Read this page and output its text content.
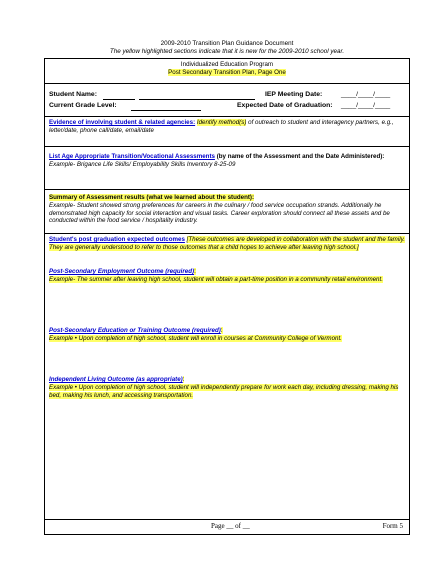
2009-2010 Transition Plan Guidance Document
The yellow highlighted sections indicate that it is new for the 2009-2010 school year.
Individualized Education Program
Post Secondary Transition Plan, Page One
Student Name:	IEP Meeting Date:	____/____/____
Current Grade Level:	Expected Date of Graduation: ____/____/____
Evidence of involving student & related agencies: Identify method(s) of outreach to student and interagency partners, e.g., letter/date, phone call/date, email/date
List Age Appropriate Transition/Vocational Assessments (by name of the Assessment and the Date Administered):
Example- Brigance Life Skills/ Employability Skills Inventory 8-25-09
Summary of Assessment results (what we learned about the student):
Example- Student showed strong preferences for careers in the culinary / food service occupation strands. Additionally he demonstrated high capacity for social interaction and visual tasks. Career exploration should connect all these assets and be conducted within the food service / hospitality industry.
Student's post graduation expected outcomes [These outcomes are developed in collaboration with the student and the family. They are generally understood to refer to those outcomes that a child hopes to achieve after leaving high school.]
Post-Secondary Employment Outcome (required):
Example- The summer after leaving high school, student will obtain a part-time position in a community retail environment.
Post-Secondary Education or Training Outcome (required):
Example • Upon completion of high school, student will enroll in courses at Community College of Vermont.
Independent Living Outcome (as appropriate):
Example • Upon completion of high school, student will independently prepare for work each day, including dressing, making his bed, making his lunch, and accessing transportation.
Page __ of __	Form 5
